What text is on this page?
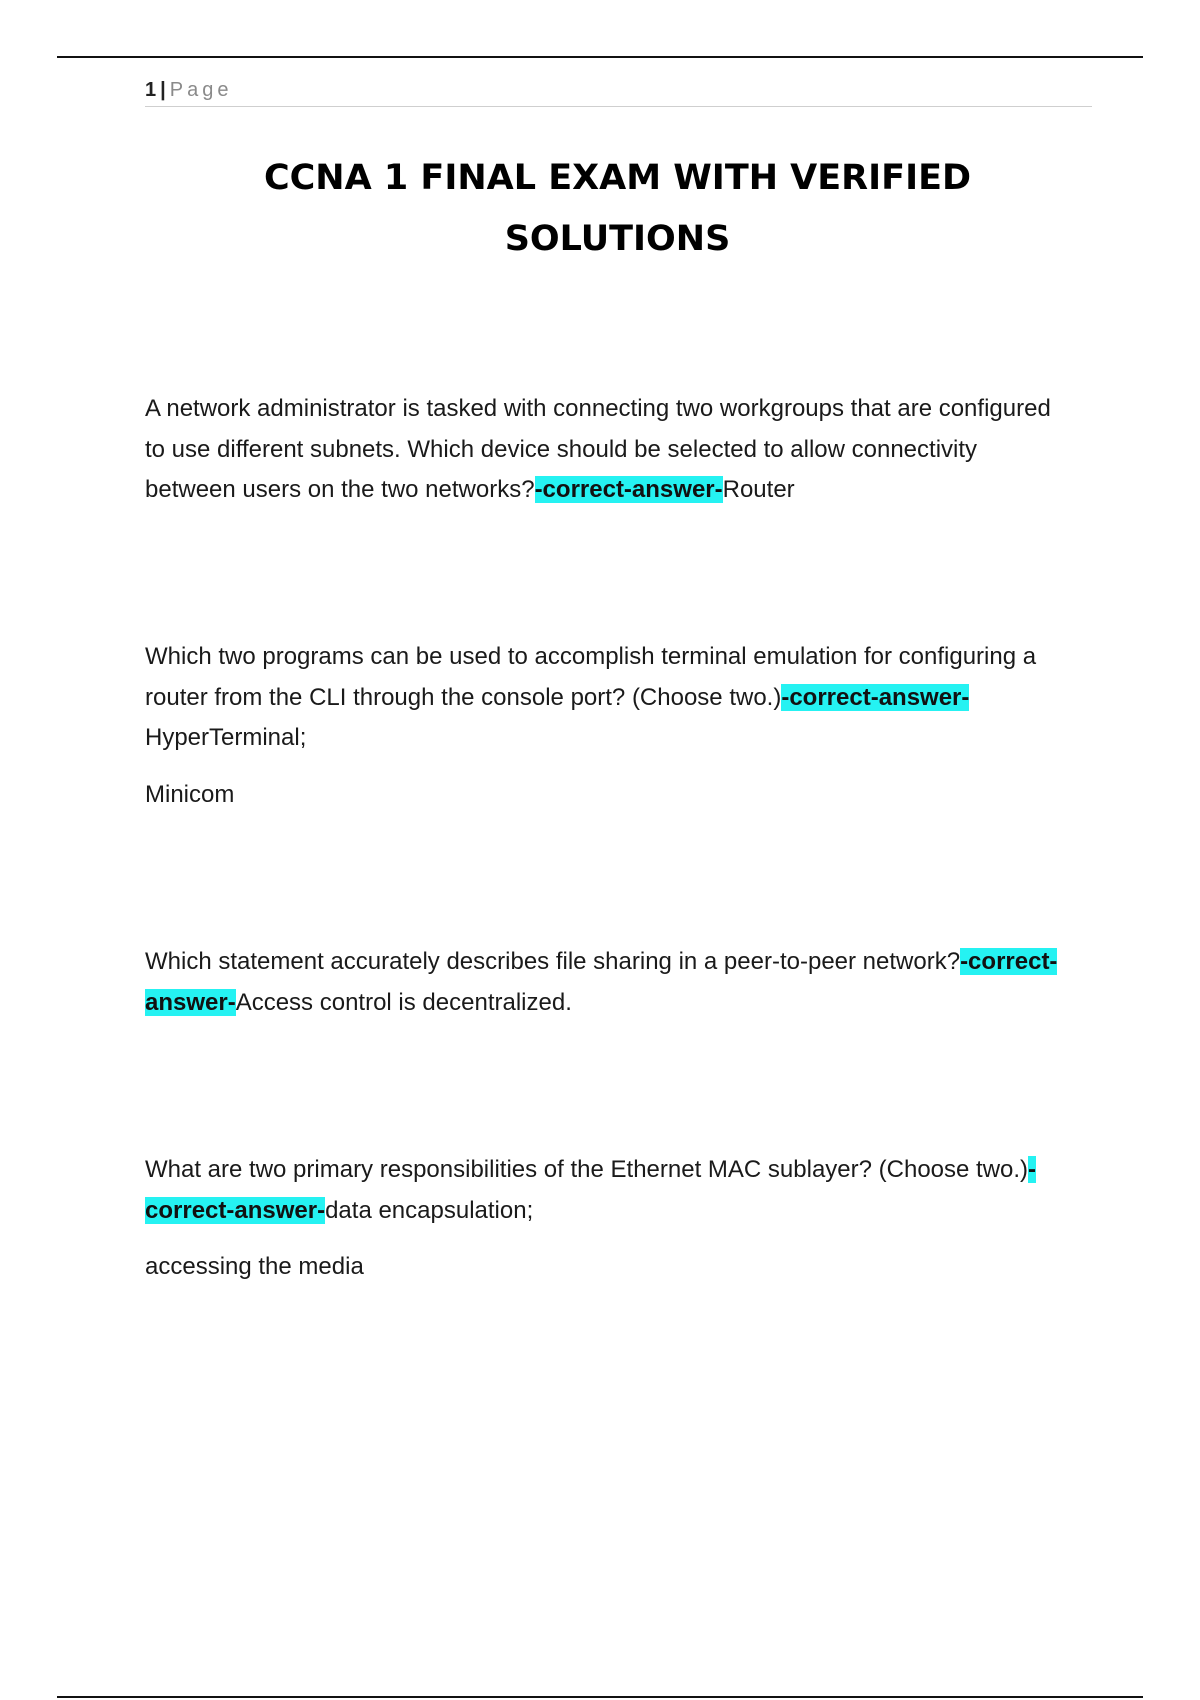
1 | Page
CCNA 1 FINAL EXAM WITH VERIFIED SOLUTIONS

A network administrator is tasked with connecting two workgroups that are configured to use different subnets. Which device should be selected to allow connectivity between users on the two networks?-correct-answer-Router

Which two programs can be used to accomplish terminal emulation for configuring a router from the CLI through the console port? (Choose two.)-correct-answer-HyperTerminal;

Minicom

Which statement accurately describes file sharing in a peer-to-peer network?-correct-answer-Access control is decentralized.

What are two primary responsibilities of the Ethernet MAC sublayer? (Choose two.)-correct-answer-data encapsulation;

accessing the media
